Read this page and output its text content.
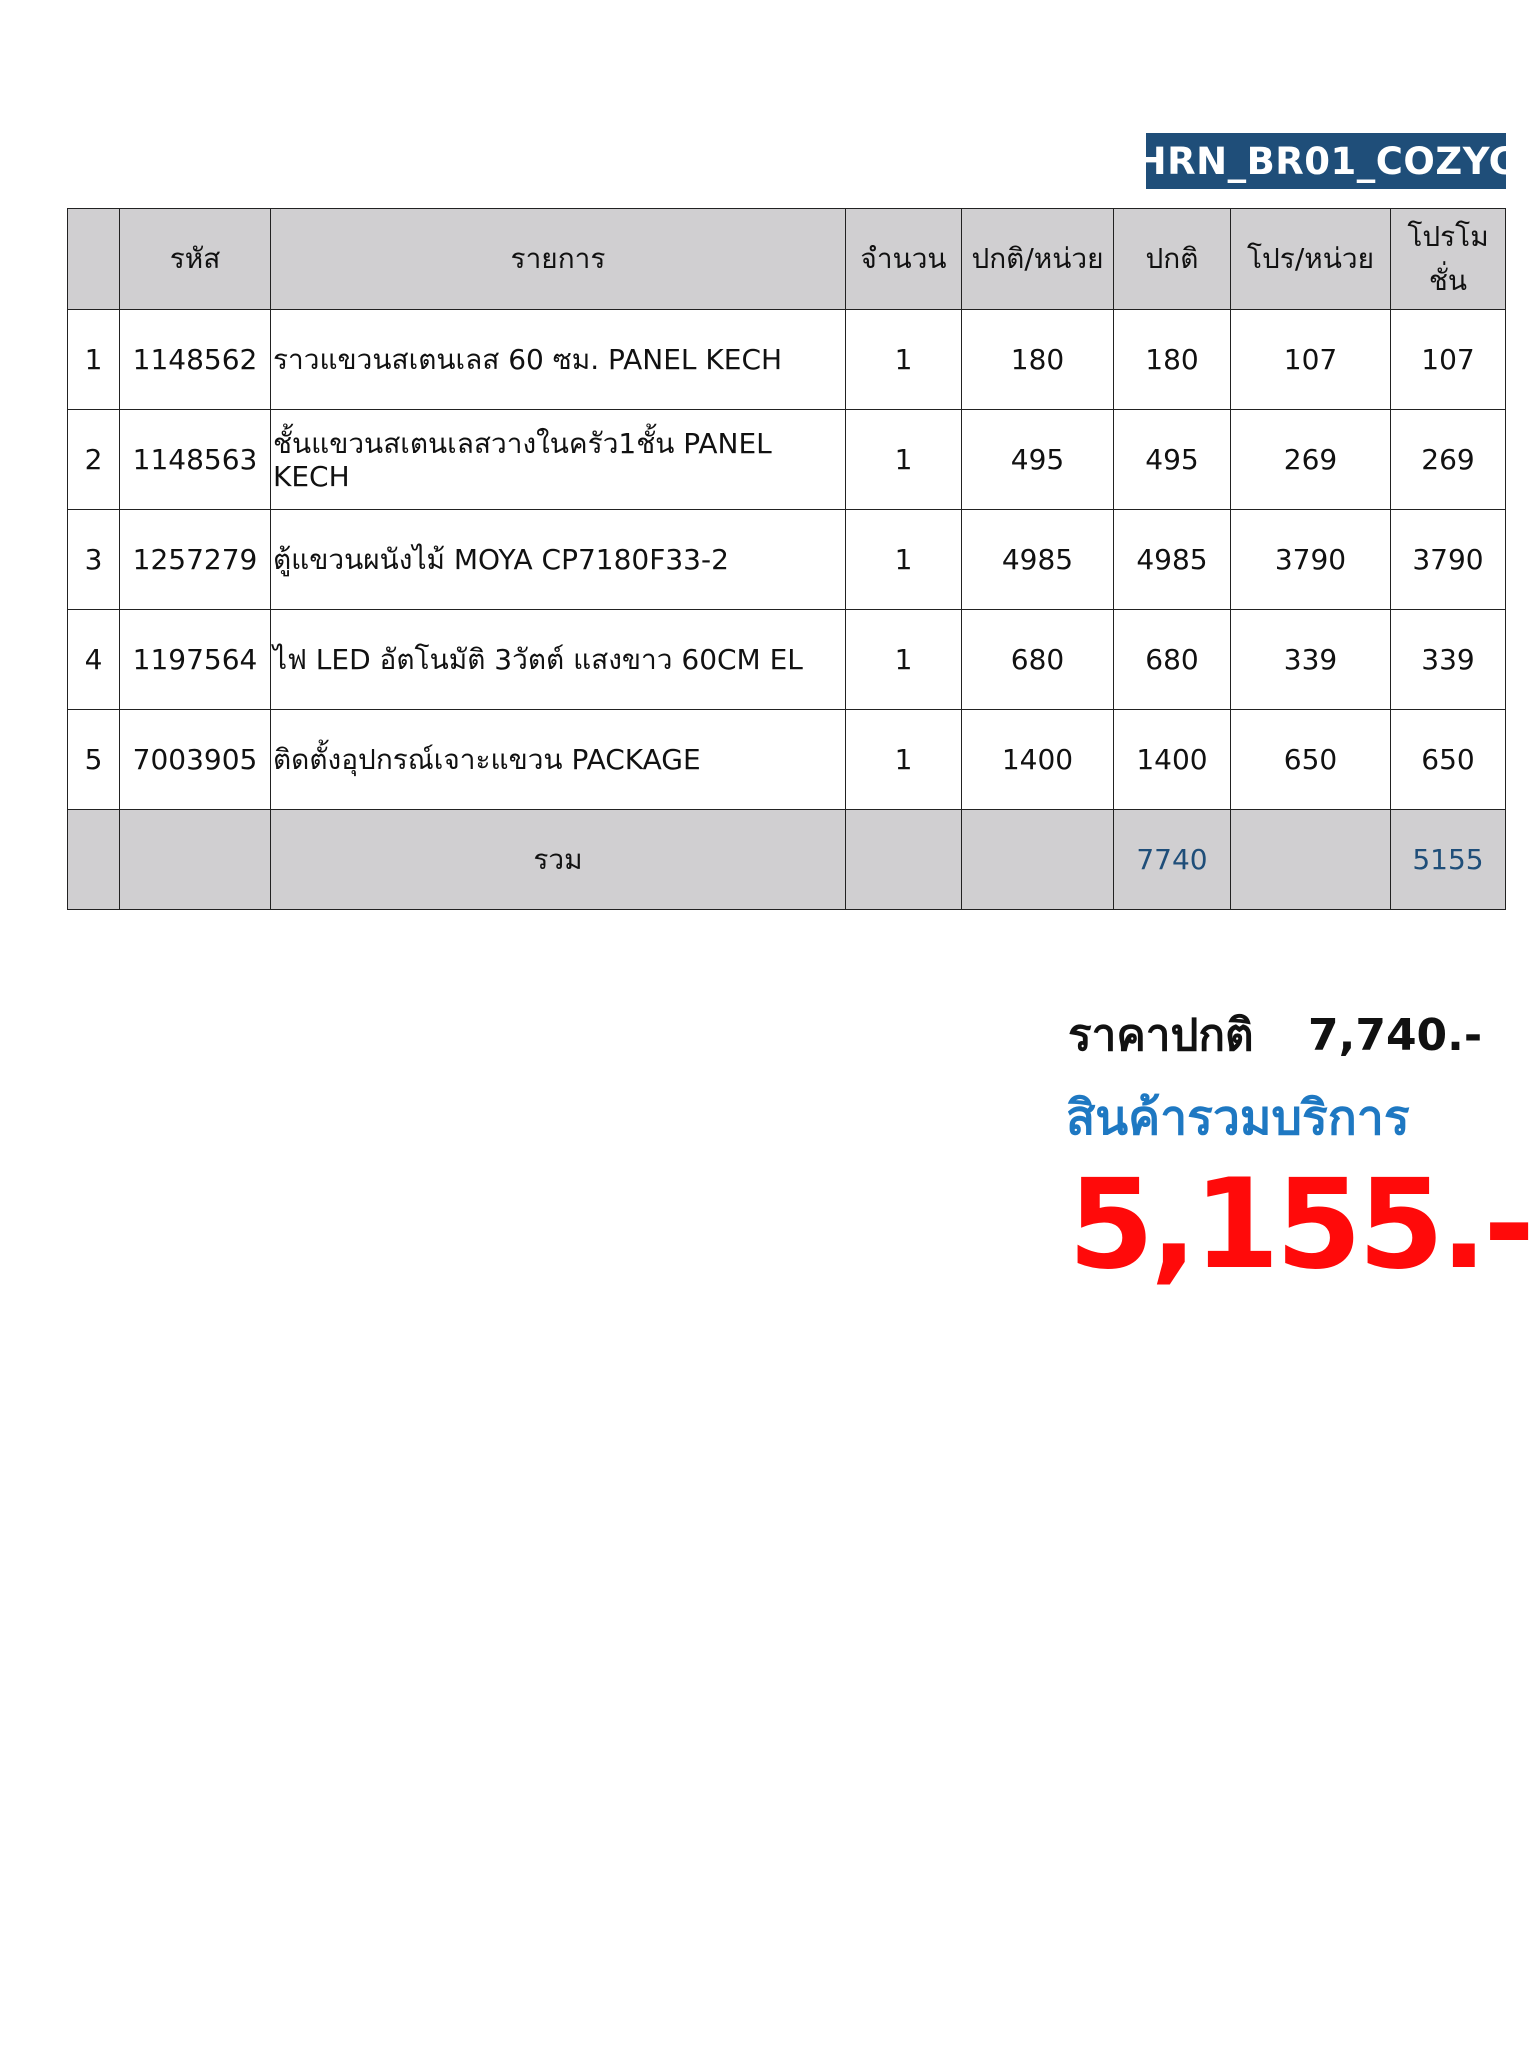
HRN_BR01_COZYC
	รหัส	รายการ	จำนวน	ปกติ/หน่วย	ปกติ	โปร/หน่วย	โปรโมชั่น
1	1148562	ราวแขวนสเตนเลส 60 ซม. PANEL KECH	1	180	180	107	107
2	1148563	ชั้นแขวนสเตนเลสวางในครัว1ชั้น PANEL KECH	1	495	495	269	269
3	1257279	ตู้แขวนผนังไม้ MOYA CP7180F33-2	1	4985	4985	3790	3790
4	1197564	ไฟ LED อัตโนมัติ 3วัตต์ แสงขาว 60CM EL	1	680	680	339	339
5	7003905	ติดตั้งอุปกรณ์เจาะแขวน PACKAGE	1	1400	1400	650	650
		รวม			7740		5155
ราคาปกติ 7,740.-
สินค้ารวมบริการ
5,155.-
